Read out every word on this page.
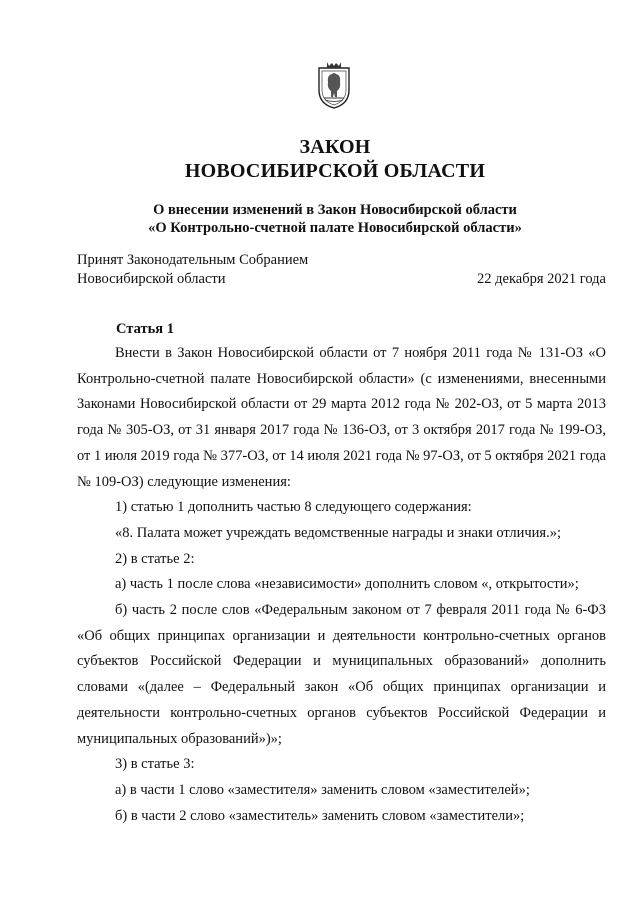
ЗАКОН
НОВОСИБИРСКОЙ ОБЛАСТИ
О внесении изменений в Закон Новосибирской области
«О Контрольно-счетной палате Новосибирской области»
Принят Законодательным Собранием
Новосибирской области	22 декабря 2021 года
Статья 1

Внести в Закон Новосибирской области от 7 ноября 2011 года № 131-ОЗ «О Контрольно-счетной палате Новосибирской области» (с изменениями, внесенными Законами Новосибирской области от 29 марта 2012 года № 202-ОЗ, от 5 марта 2013 года № 305-ОЗ, от 31 января 2017 года № 136-ОЗ, от 3 октября 2017 года № 199-ОЗ, от 1 июля 2019 года № 377-ОЗ, от 14 июля 2021 года № 97-ОЗ, от 5 октября 2021 года № 109-ОЗ) следующие изменения:

1) статью 1 дополнить частью 8 следующего содержания:

«8. Палата может учреждать ведомственные награды и знаки отличия.»;

2) в статье 2:

а) часть 1 после слова «независимости» дополнить словом «, открытости»;

б) часть 2 после слов «Федеральным законом от 7 февраля 2011 года № 6-ФЗ «Об общих принципах организации и деятельности контрольно-счетных органов субъектов Российской Федерации и муниципальных образований» дополнить словами «(далее – Федеральный закон «Об общих принципах организации и деятельности контрольно-счетных органов субъектов Российской Федерации и муниципальных образований»)»;

3) в статье 3:

а) в части 1 слово «заместителя» заменить словом «заместителей»;

б) в части 2 слово «заместитель» заменить словом «заместители»;
